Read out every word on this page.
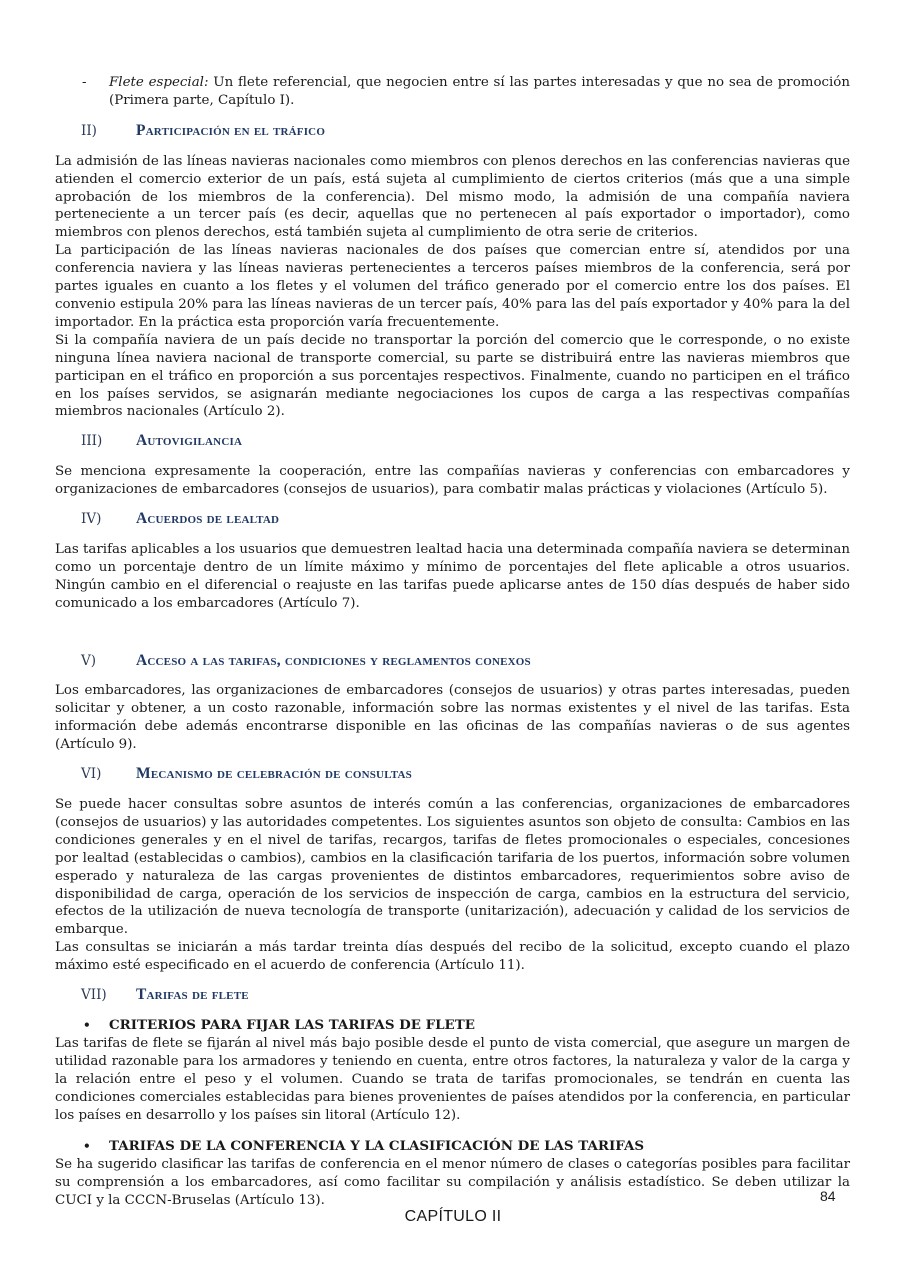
-	Flete especial: Un flete referencial, que negocien entre sí las partes interesadas y que no sea de promoción (Primera parte, Capítulo I).
II)	Participación en el tráfico

La admisión de las líneas navieras nacionales como miembros con plenos derechos en las conferencias navieras que atienden el comercio exterior de un país, está sujeta al cumplimiento de ciertos criterios (más que a una simple aprobación de los miembros de la conferencia). Del mismo modo, la admisión de una compañía naviera perteneciente a un tercer país (es decir, aquellas que no pertenecen al país exportador o importador), como miembros con plenos derechos, está también sujeta al cumplimiento de otra serie de criterios.

La participación de las líneas navieras nacionales de dos países que comercian entre sí, atendidos por una conferencia naviera y las líneas navieras pertenecientes a terceros países miembros de la conferencia, será por partes iguales en cuanto a los fletes y el volumen del tráfico generado por el comercio entre los dos países. El convenio estipula 20% para las líneas navieras de un tercer país, 40% para las del país exportador y 40% para la del importador. En la práctica esta proporción varía frecuentemente.

Si la compañía naviera de un país decide no transportar la porción del comercio que le corresponde, o no existe ninguna línea naviera nacional de transporte comercial, su parte se distribuirá entre las navieras miembros que participan en el tráfico en proporción a sus porcentajes respectivos. Finalmente, cuando no participen en el tráfico en los países servidos, se asignarán mediante negociaciones los cupos de carga a las respectivas compañías miembros nacionales (Artículo 2).

III)	Autovigilancia

Se menciona expresamente la cooperación, entre las compañías navieras y conferencias con embarcadores y organizaciones de embarcadores (consejos de usuarios), para combatir malas prácticas y violaciones (Artículo 5).

IV)	Acuerdos de lealtad

Las tarifas aplicables a los usuarios que demuestren lealtad hacia una determinada compañía naviera se determinan como un porcentaje dentro de un límite máximo y mínimo de porcentajes del flete aplicable a otros usuarios. Ningún cambio en el diferencial o reajuste en las tarifas puede aplicarse antes de 150 días después de haber sido comunicado a los embarcadores (Artículo 7).

V)	Acceso a las tarifas, condiciones y reglamentos conexos

Los embarcadores, las organizaciones de embarcadores (consejos de usuarios) y otras partes interesadas, pueden solicitar y obtener, a un costo razonable, información sobre las normas existentes y el nivel de las tarifas. Esta información debe además encontrarse disponible en las oficinas de las compañías navieras o de sus agentes (Artículo 9).

VI)	Mecanismo de celebración de consultas

Se puede hacer consultas sobre asuntos de interés común a las conferencias, organizaciones de embarcadores (consejos de usuarios) y las autoridades competentes. Los siguientes asuntos son objeto de consulta: Cambios en las condiciones generales y en el nivel de tarifas, recargos, tarifas de fletes promocionales o especiales, concesiones por lealtad (establecidas o cambios), cambios en la clasificación tarifaria de los puertos, información sobre volumen esperado y naturaleza de las cargas provenientes de distintos embarcadores, requerimientos sobre aviso de disponibilidad de carga, operación de los servicios de inspección de carga, cambios en la estructura del servicio, efectos de la utilización de nueva tecnología de transporte (unitarización), adecuación y calidad de los servicios de embarque.

Las consultas se iniciarán a más tardar treinta días después del recibo de la solicitud, excepto cuando el plazo máximo esté especificado en el acuerdo de conferencia (Artículo 11).

VII)	Tarifas de flete
•	CRITERIOS PARA FIJAR LAS TARIFAS DE FLETE

Las tarifas de flete se fijarán al nivel más bajo posible desde el punto de vista comercial, que asegure un margen de utilidad razonable para los armadores y teniendo en cuenta, entre otros factores, la naturaleza y valor de la carga y la relación entre el peso y el volumen. Cuando se trata de tarifas promocionales, se tendrán en cuenta las condiciones comerciales establecidas para bienes provenientes de países atendidos por la conferencia, en particular los países en desarrollo y los países sin litoral (Artículo 12).

•	TARIFAS DE LA CONFERENCIA Y LA CLASIFICACIÓN DE LAS TARIFAS

Se ha sugerido clasificar las tarifas de conferencia en el menor número de clases o categorías posibles para facilitar su comprensión a los embarcadores, así como facilitar su compilación y análisis estadístico. Se deben utilizar la CUCI y la CCCN-Bruselas (Artículo 13).	84
CAPÍTULO II
